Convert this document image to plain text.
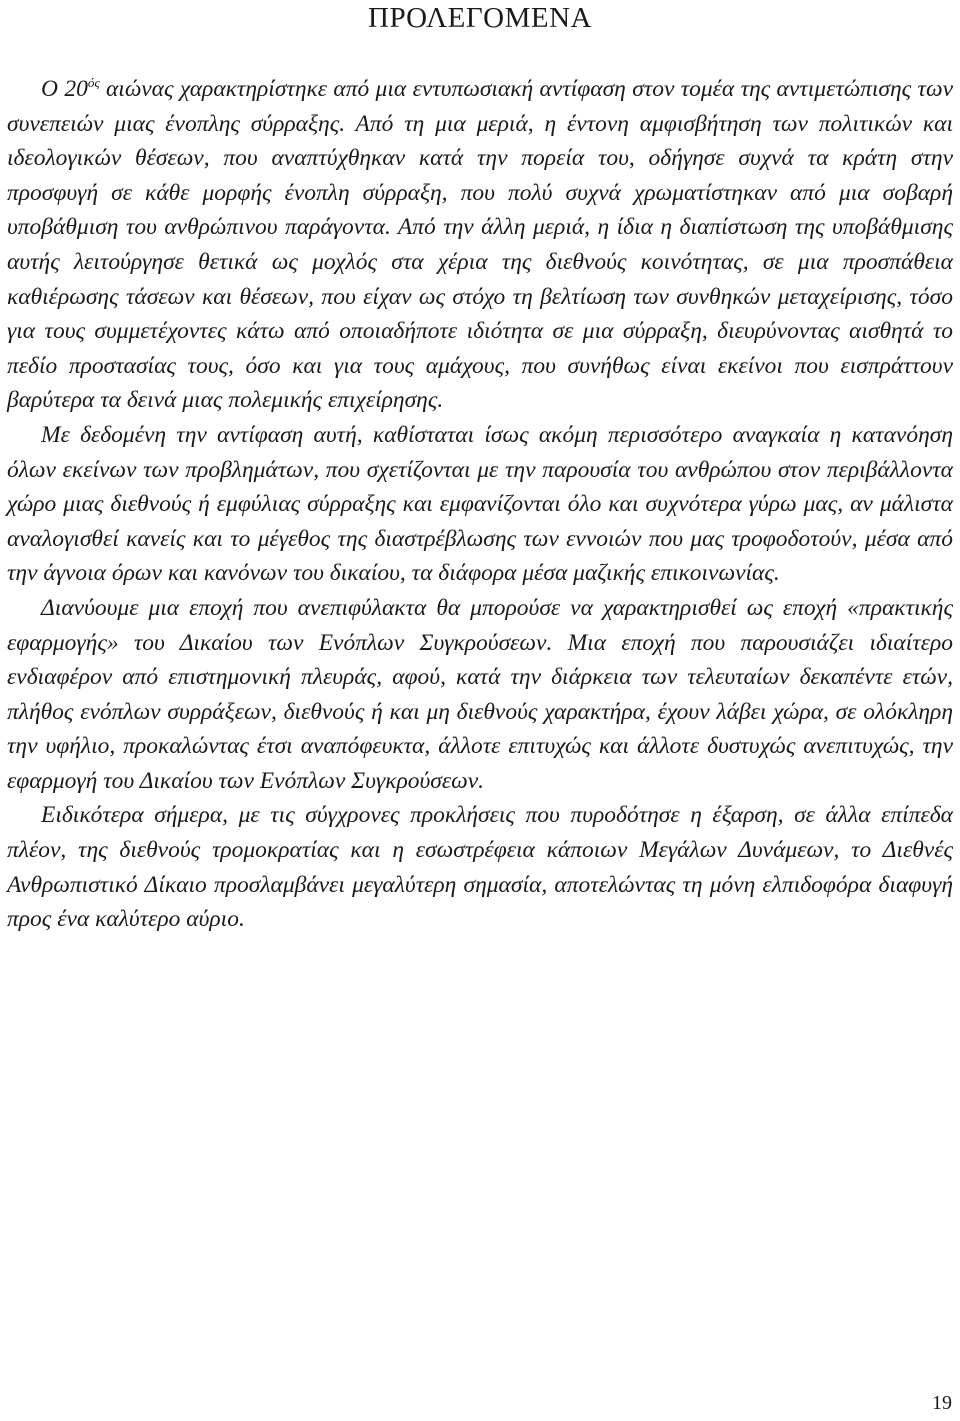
ΠΡΟΛΕΓΟΜΕΝΑ

Ο $20^{ό\varsigma}$ αιώνας χαρακτηρίστηκε από μια εντυπωσιακή αντίφαση στον τομέα της αντιμετώπισης των συνεπειών μιας ένοπλης σύρραξης. Από τη μια μεριά, η έντονη αμφισβήτηση των πολιτικών και ιδεολογικών θέσεων, που αναπτύχθηκαν κατά την πορεία του, οδήγησε συχνά τα κράτη στην προσφυγή σε κάθε μορφής ένοπλη σύρραξη, που πολύ συχνά χρωματίστηκαν από μια σοβαρή υποβάθμιση του ανθρώπινου παράγοντα. Από την άλλη μεριά, η ίδια η διαπίστωση της υποβάθμισης αυτής λειτούργησε θετικά ως μοχλός στα χέρια της διεθνούς κοινότητας, σε μια προσπάθεια καθιέρωσης τάσεων και θέσεων, που είχαν ως στόχο τη βελτίωση των συνθηκών μεταχείρισης, τόσο για τους συμμετέχοντες κάτω από οποιαδήποτε ιδιότητα σε μια σύρραξη, διευρύνοντας αισθητά το πεδίο προστασίας τους, όσο και για τους αμάχους, που συνήθως είναι εκείνοι που εισπράττουν βαρύτερα τα δεινά μιας πολεμικής επιχείρησης.

Με δεδομένη την αντίφαση αυτή, καθίσταται ίσως ακόμη περισσότερο αναγκαία η κατανόηση όλων εκείνων των προβλημάτων, που σχετίζονται με την παρουσία του ανθρώπου στον περιβάλλοντα χώρο μιας διεθνούς ή εμφύλιας σύρραξης και εμφανίζονται όλο και συχνότερα γύρω μας, αν μάλιστα αναλογισθεί κανείς και το μέγεθος της διαστρέβλωσης των εννοιών που μας τροφοδοτούν, μέσα από την άγνοια όρων και κανόνων του δικαίου, τα διάφορα μέσα μαζικής επικοινωνίας.

Διανύουμε μια εποχή που ανεπιφύλακτα θα μπορούσε να χαρακτηρισθεί ως εποχή «πρακτικής εφαρμογής» του Δικαίου των Ενόπλων Συγκρούσεων. Μια εποχή που παρουσιάζει ιδιαίτερο ενδιαφέρον από επιστημονική πλευράς, αφού, κατά την διάρκεια των τελευταίων δεκαπέντε ετών, πλήθος ενόπλων συρράξεων, διεθνούς ή και μη διεθνούς χαρακτήρα, έχουν λάβει χώρα, σε ολόκληρη την υφήλιο, προκαλώντας έτσι αναπόφευκτα, άλλοτε επιτυχώς και άλλοτε δυστυχώς ανεπιτυχώς, την εφαρμογή του Δικαίου των Ενόπλων Συγκρούσεων.

Ειδικότερα σήμερα, με τις σύγχρονες προκλήσεις που πυροδότησε η έξαρση, σε άλλα επίπεδα πλέον, της διεθνούς τρομοκρατίας και η εσωστρέφεια κάποιων Μεγάλων Δυνάμεων, το Διεθνές Ανθρωπιστικό Δίκαιο προσλαμβάνει μεγαλύτερη σημασία, αποτελώντας τη μόνη ελπιδοφόρα διαφυγή προς ένα καλύτερο αύριο.

19
